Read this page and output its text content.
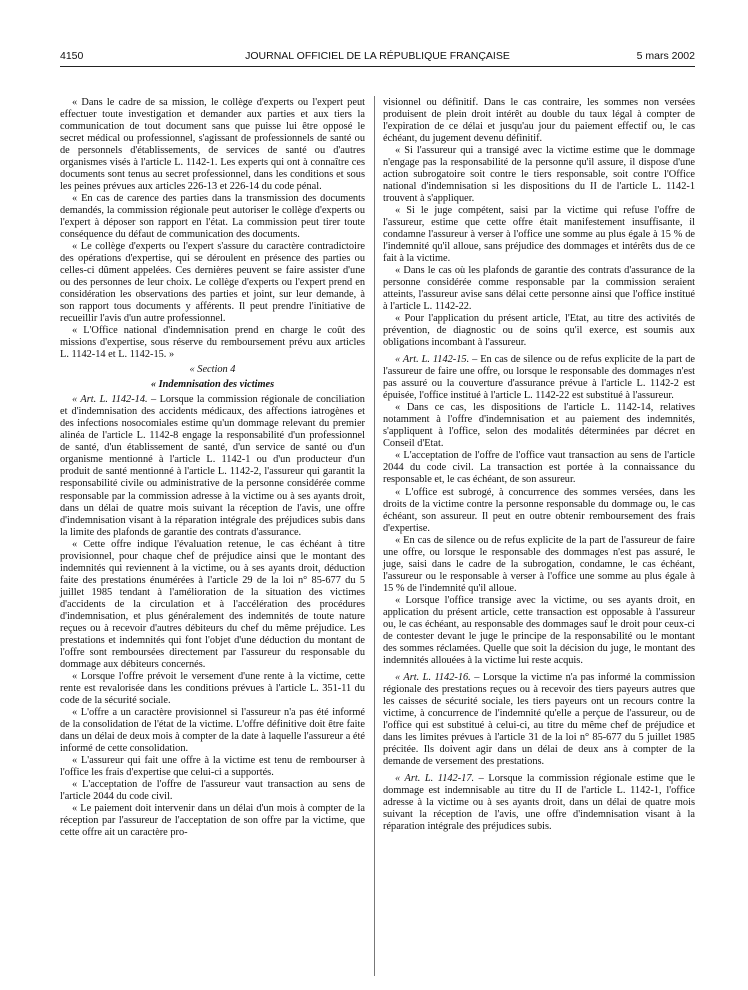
4150	JOURNAL OFFICIEL DE LA RÉPUBLIQUE FRANÇAISE	5 mars 2002

« Dans le cadre de sa mission, le collège d'experts ou l'expert peut effectuer toute investigation et demander aux parties et aux tiers la communication de tout document sans que puisse lui être opposé le secret médical ou professionnel, s'agissant de professionnels de santé ou de personnels d'établissements, de services de santé ou d'autres organismes visés à l'article L. 1142-1. Les experts qui ont à connaître ces documents sont tenus au secret professionnel, dans les conditions et sous les peines prévues aux articles 226-13 et 226-14 du code pénal.

« En cas de carence des parties dans la transmission des documents demandés, la commission régionale peut autoriser le collège d'experts ou l'expert à déposer son rapport en l'état. La commission peut tirer toute conséquence du défaut de communication des documents.

« Le collège d'experts ou l'expert s'assure du caractère contradictoire des opérations d'expertise, qui se déroulent en présence des parties ou celles-ci dûment appelées. Ces dernières peuvent se faire assister d'une ou des personnes de leur choix. Le collège d'experts ou l'expert prend en considération les observations des parties et joint, sur leur demande, à son rapport tous documents y afférents. Il peut prendre l'initiative de recueillir l'avis d'un autre professionnel.

« L'Office national d'indemnisation prend en charge le coût des missions d'expertise, sous réserve du remboursement prévu aux articles L. 1142-14 et L. 1142-15. »

« Section 4

« Indemnisation des victimes

« Art. L. 1142-14. – Lorsque la commission régionale de conciliation et d'indemnisation des accidents médicaux, des affections iatrogènes et des infections nosocomiales estime qu'un dommage relevant du premier alinéa de l'article L. 1142-8 engage la responsabilité d'un professionnel de santé, d'un établissement de santé, d'un service de santé ou d'un organisme mentionné à l'article L. 1142-1 ou d'un producteur d'un produit de santé mentionné à l'article L. 1142-2, l'assureur qui garantit la responsabilité civile ou administrative de la personne considérée comme responsable par la commission adresse à la victime ou à ses ayants droit, dans un délai de quatre mois suivant la réception de l'avis, une offre d'indemnisation visant à la réparation intégrale des préjudices subis dans la limite des plafonds de garantie des contrats d'assurance.

« Cette offre indique l'évaluation retenue, le cas échéant à titre provisionnel, pour chaque chef de préjudice ainsi que le montant des indemnités qui reviennent à la victime, ou à ses ayants droit, déduction faite des prestations énumérées à l'article 29 de la loi n° 85-677 du 5 juillet 1985 tendant à l'amélioration de la situation des victimes d'accidents de la circulation et à l'accélération des procédures d'indemnisation, et plus généralement des indemnités de toute nature reçues ou à recevoir d'autres débiteurs du chef du même préjudice. Les prestations et indemnités qui font l'objet d'une déduction du montant de l'offre sont remboursées directement par l'assureur du responsable du dommage aux débiteurs concernés.

« Lorsque l'offre prévoit le versement d'une rente à la victime, cette rente est revalorisée dans les conditions prévues à l'article L. 351-11 du code de la sécurité sociale.

« L'offre a un caractère provisionnel si l'assureur n'a pas été informé de la consolidation de l'état de la victime. L'offre définitive doit être faite dans un délai de deux mois à compter de la date à laquelle l'assureur a été informé de cette consolidation.

« L'assureur qui fait une offre à la victime est tenu de rembourser à l'office les frais d'expertise que celui-ci a supportés.

« L'acceptation de l'offre de l'assureur vaut transaction au sens de l'article 2044 du code civil.

« Le paiement doit intervenir dans un délai d'un mois à compter de la réception par l'assureur de l'acceptation de son offre par la victime, que cette offre ait un caractère pro-

visionnel ou définitif. Dans le cas contraire, les sommes non versées produisent de plein droit intérêt au double du taux légal à compter de l'expiration de ce délai et jusqu'au jour du paiement effectif ou, le cas échéant, du jugement devenu définitif.

« Si l'assureur qui a transigé avec la victime estime que le dommage n'engage pas la responsabilité de la personne qu'il assure, il dispose d'une action subrogatoire soit contre le tiers responsable, soit contre l'Office national d'indemnisation si les dispositions du II de l'article L. 1142-1 trouvent à s'appliquer.

« Si le juge compétent, saisi par la victime qui refuse l'offre de l'assureur, estime que cette offre était manifestement insuffisante, il condamne l'assureur à verser à l'office une somme au plus égale à 15 % de l'indemnité qu'il alloue, sans préjudice des dommages et intérêts dus de ce fait à la victime.

« Dans le cas où les plafonds de garantie des contrats d'assurance de la personne considérée comme responsable par la commission seraient atteints, l'assureur avise sans délai cette personne ainsi que l'office institué à l'article L. 1142-22.

« Pour l'application du présent article, l'Etat, au titre des activités de prévention, de diagnostic ou de soins qu'il exerce, est soumis aux obligations incombant à l'assureur.

« Art. L. 1142-15. – En cas de silence ou de refus explicite de la part de l'assureur de faire une offre, ou lorsque le responsable des dommages n'est pas assuré ou la couverture d'assurance prévue à l'article L. 1142-2 est épuisée, l'office institué à l'article L. 1142-22 est substitué à l'assureur.

« Dans ce cas, les dispositions de l'article L. 1142-14, relatives notamment à l'offre d'indemnisation et au paiement des indemnités, s'appliquent à l'office, selon des modalités déterminées par décret en Conseil d'Etat.

« L'acceptation de l'offre de l'office vaut transaction au sens de l'article 2044 du code civil. La transaction est portée à la connaissance du responsable et, le cas échéant, de son assureur.

« L'office est subrogé, à concurrence des sommes versées, dans les droits de la victime contre la personne responsable du dommage ou, le cas échéant, son assureur. Il peut en outre obtenir remboursement des frais d'expertise.

« En cas de silence ou de refus explicite de la part de l'assureur de faire une offre, ou lorsque le responsable des dommages n'est pas assuré, le juge, saisi dans le cadre de la subrogation, condamne, le cas échéant, l'assureur ou le responsable à verser à l'office une somme au plus égale à 15 % de l'indemnité qu'il alloue.

« Lorsque l'office transige avec la victime, ou ses ayants droit, en application du présent article, cette transaction est opposable à l'assureur ou, le cas échéant, au responsable des dommages sauf le droit pour ceux-ci de contester devant le juge le principe de la responsabilité ou le montant des sommes réclamées. Quelle que soit la décision du juge, le montant des indemnités allouées à la victime lui reste acquis.

« Art. L. 1142-16. – Lorsque la victime n'a pas informé la commission régionale des prestations reçues ou à recevoir des tiers payeurs autres que les caisses de sécurité sociale, les tiers payeurs ont un recours contre la victime, à concurrence de l'indemnité qu'elle a perçue de l'assureur, ou de l'office qui est substitué à celui-ci, au titre du même chef de préjudice et dans les limites prévues à l'article 31 de la loi n° 85-677 du 5 juillet 1985 précitée. Ils doivent agir dans un délai de deux ans à compter de la demande de versement des prestations.

« Art. L. 1142-17. – Lorsque la commission régionale estime que le dommage est indemnisable au titre du II de l'article L. 1142-1, l'office adresse à la victime ou à ses ayants droit, dans un délai de quatre mois suivant la réception de l'avis, une offre d'indemnisation visant à la réparation intégrale des préjudices subis.
